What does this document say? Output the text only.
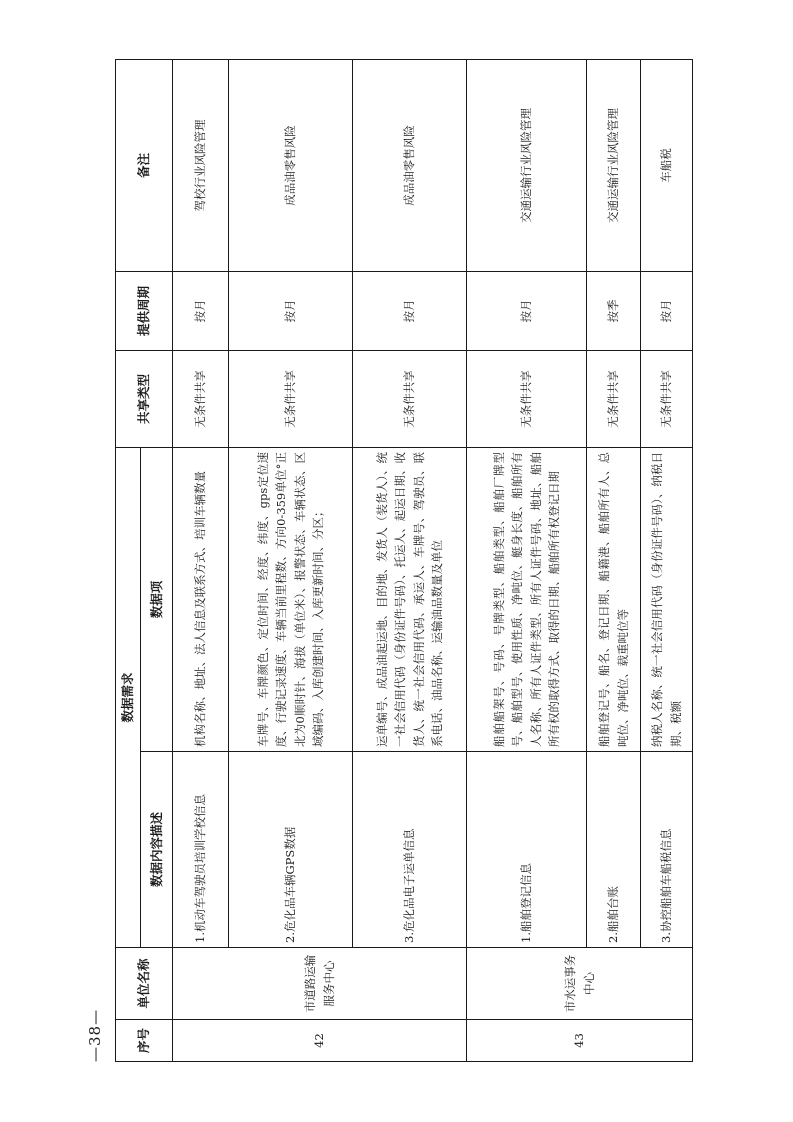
—38—	序号	单位名称	数据需求		共享类型	提供周期	备注
		数据内容描述	数据项			
42	市道路运输服务中心	1.机动车驾驶员培训学校信息	机构名称、地址、法人信息及联系方式、培训车辆数量	无条件共享	按月	驾校行业风险管理
		2.危化品车辆GPS数据	车牌号、车牌颜色、定位时间、经度、纬度、gps定位速度、行驶记录速度、车辆当前里程数、方向0-359单位°正北为0顺时针、海拔（单位米）、报警状态、车辆状态、区域编码、入库创建时间、入库更新时间、分区；	无条件共享	按月	成品油零售风险
		3.危化品电子运单信息	运单编号、成品油起运地、目的地、发货人（装货人）、统一社会信用代码（身份证件号码）、托运人、起运日期、收货人、统一社会信用代码、承运人、车牌号、驾驶员、联系电话、油品名称、运输油品数量及单位	无条件共享	按月	成品油零售风险
43	市水运事务中心	1.船舶登记信息	船舶船架号、号码、号牌类型、船舶类型、船舶厂牌型号、船舶型号、使用性质、净吨位、艇身长度、船舶所有人名称、所有人证件类型、所有人证件号码、地址、船舶所有权的取得方式、取得的日期、船舶所有权登记日期	无条件共享	按月	交通运输行业风险管理
		2.船舶台账	船舶登记号、船名、登记日期、船籍港、船舶所有人、总吨位、净吨位、载重吨位等	无条件共享	按季	交通运输行业风险管理
		3.协控船舶车船税信息	纳税人名称、统一社会信用代码（身份证件号码）、纳税日期、税额	无条件共享	按月	车船税
